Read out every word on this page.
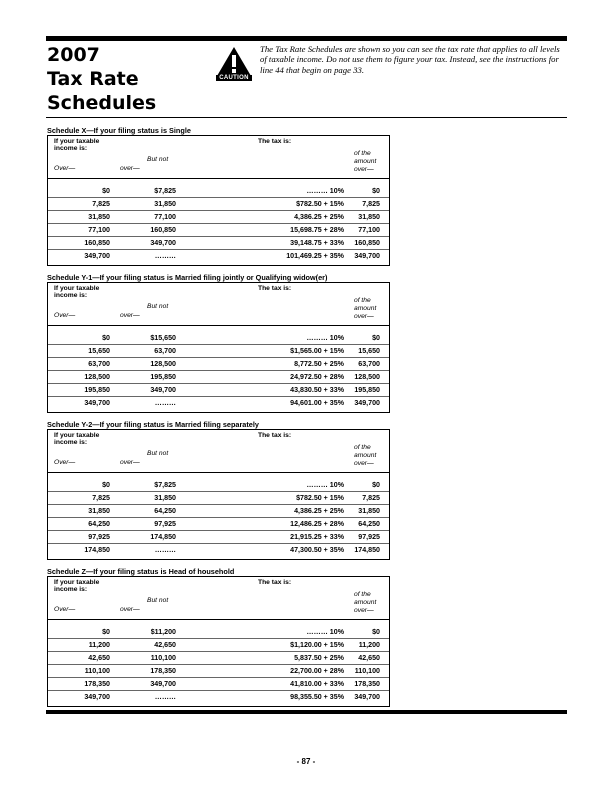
2007
Tax Rate
Schedules
CAUTION
The Tax Rate Schedules are shown so you can see the tax rate that applies to all levels of taxable income. Do not use them to figure your tax. Instead, see the instructions for line 44 that begin on page 33.
Schedule X—If your filing status is Single
If your taxable
income is:
Over—
But not
over—
The tax is:
of the
amount
over—
$0	$7,825	……… 10%	$0
7,825	31,850	$782.50 + 15%	7,825
31,850	77,100	4,386.25 + 25% 31,850
77,100	160,850	15,698.75 + 28% 77,100
160,850	349,700	39,148.75 + 33% 160,850
349,700	………	101,469.25 + 35% 349,700
Schedule Y-1—If your filing status is Married filing jointly or Qualifying widow(er)
If your taxable
income is:
Over—
But not
over—
The tax is:
of the
amount
over—
$0	$15,650	……… 10%	$0
15,650	63,700	$1,565.00 + 15% 15,650
63,700	128,500	8,772.50 + 25% 63,700
128,500	195,850	24,972.50 + 28% 128,500
195,850	349,700	43,830.50 + 33% 195,850
349,700	………	94,601.00 + 35% 349,700
Schedule Y-2—If your filing status is Married filing separately
If your taxable
income is:
Over—
But not
over—
The tax is:
of the
amount
over—
$0	$7,825	……… 10%	$0
7,825	31,850	$782.50 + 15%	7,825
31,850	64,250	4,386.25 + 25% 31,850
64,250	97,925	12,486.25 + 28% 64,250
97,925	174,850	21,915.25 + 33% 97,925
174,850	………	47,300.50 + 35% 174,850
Schedule Z—If your filing status is Head of household
If your taxable
income is:
Over—
But not
over—
The tax is:
of the
amount
over—
$0	$11,200	……… 10%	$0
11,200	42,650	$1,120.00 + 15% 11,200
42,650	110,100	5,837.50 + 25% 42,650
110,100	178,350	22,700.00 + 28% 110,100
178,350	349,700	41,810.00 + 33% 178,350
349,700	………	98,355.50 + 35% 349,700
- 87 -
